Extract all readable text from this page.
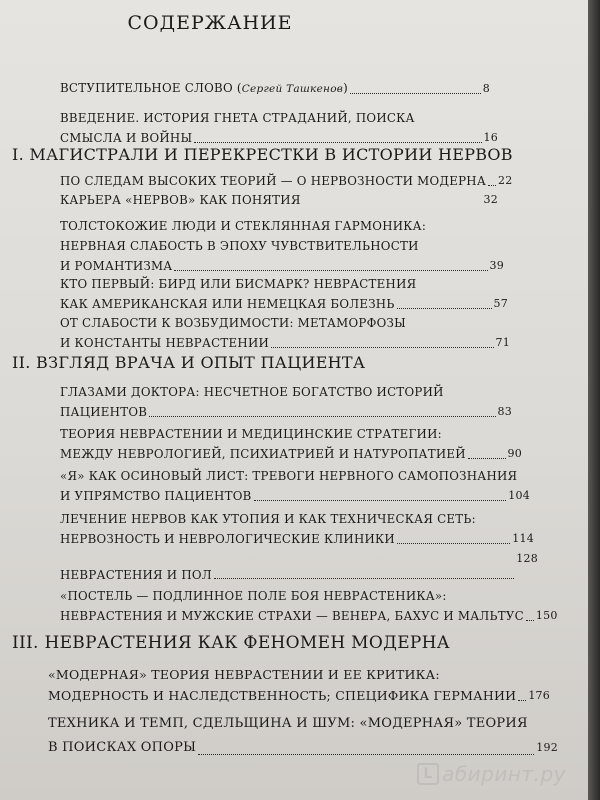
СОДЕРЖАНИЕ
ВСТУПИТЕЛЬНОЕ СЛОВО (Сергей Ташкенов)	8
ВВЕДЕНИЕ. ИСТОРИЯ ГНЕТА СТРАДАНИЙ, ПОИСКА
СМЫСЛА И ВОЙНЫ	16
I. МАГИСТРАЛИ И ПЕРЕКРЕСТКИ В ИСТОРИИ НЕРВОВ
ПО СЛЕДАМ ВЫСОКИХ ТЕОРИЙ — О НЕРВОЗНОСТИ МОДЕРНА 22
КАРЬЕРА «НЕРВОВ» КАК ПОНЯТИЯ	32
ТОЛСТОКОЖИЕ ЛЮДИ И СТЕКЛЯННАЯ ГАРМОНИКА:
НЕРВНАЯ СЛАБОСТЬ В ЭПОХУ ЧУВСТВИТЕЛЬНОСТИ
И РОМАНТИЗМА	39
КТО ПЕРВЫЙ: БИРД ИЛИ БИСМАРК? НЕВРАСТЕНИЯ
КАК АМЕРИКАНСКАЯ ИЛИ НЕМЕЦКАЯ БОЛЕЗНЬ	57
ОТ СЛАБОСТИ К ВОЗБУДИМОСТИ: МЕТАМОРФОЗЫ
И КОНСТАНТЫ НЕВРАСТЕНИИ	71
II. ВЗГЛЯД ВРАЧА И ОПЫТ ПАЦИЕНТА
ГЛАЗАМИ ДОКТОРА: НЕСЧЕТНОЕ БОГАТСТВО ИСТОРИЙ
ПАЦИЕНТОВ	83
ТЕОРИЯ НЕВРАСТЕНИИ И МЕДИЦИНСКИЕ СТРАТЕГИИ:
МЕЖДУ НЕВРОЛОГИЕЙ, ПСИХИАТРИЕЙ И НАТУРОПАТИЕЙ	90
«Я» КАК ОСИНОВЫЙ ЛИСТ: ТРЕВОГИ НЕРВНОГО САМОПОЗНАНИЯ
И УПРЯМСТВО ПАЦИЕНТОВ	104
ЛЕЧЕНИЕ НЕРВОВ КАК УТОПИЯ И КАК ТЕХНИЧЕСКАЯ СЕТЬ:
НЕРВОЗНОСТЬ И НЕВРОЛОГИЧЕСКИЕ КЛИНИКИ	114
НЕВРАСТЕНИЯ И ПОЛ
128
«ПОСТЕЛЬ — ПОДЛИННОЕ ПОЛЕ БОЯ НЕВРАСТЕНИКА»:
НЕВРАСТЕНИЯ И МУЖСКИЕ СТРАХИ — ВЕНЕРА, БАХУС И МАЛЬТУС 150
III. НЕВРАСТЕНИЯ КАК ФЕНОМЕН МОДЕРНА
«МОДЕРНАЯ» ТЕОРИЯ НЕВРАСТЕНИИ И ЕЕ КРИТИКА:
МОДЕРНОСТЬ И НАСЛЕДСТВЕННОСТЬ; СПЕЦИФИКА ГЕРМАНИИ 176
ТЕХНИКА И ТЕМП, СДЕЛЬЩИНА И ШУМ: «МОДЕРНАЯ» ТЕОРИЯ
В ПОИСКАХ ОПОРЫ	192
L абиринт.ру
